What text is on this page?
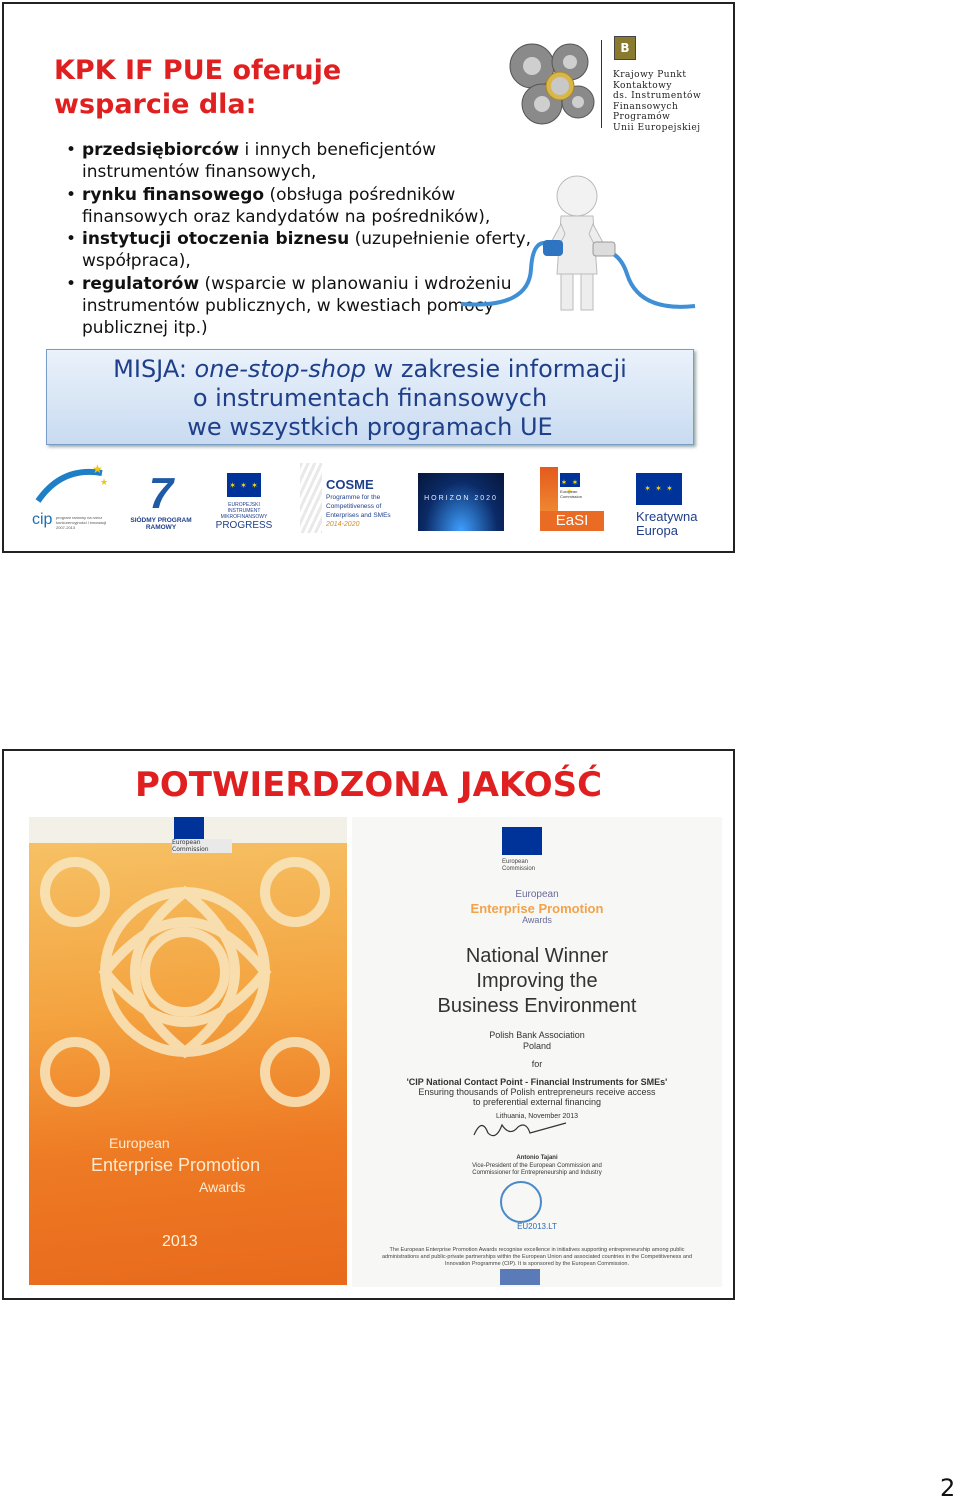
KPK IF PUE oferuje
wsparcie dla:
• przedsiębiorców i innych beneficjentów instrumentów finansowych,
• rynku finansowego (obsługa pośredników finansowych oraz kandydatów na pośredników),
• instytucji otoczenia biznesu (uzupełnienie oferty, współpraca),
• regulatorów (wsparcie w planowaniu i wdrożeniu instrumentów publicznych, w kwestiach pomocy publicznej itp.)
B
Krajowy Punkt
Kontaktowy
ds. Instrumentów
Finansowych
Programów
Unii Europejskiej
MISJA: one-stop-shop w zakresie informacji
o instrumentach finansowych
we wszystkich programach UE
★
★
cip program ramowy na rzecz konkurencyjności i innowacji 2007-2013
7
SIÓDMY PROGRAM
RAMOWY
✶ ✶ ✶
EUROPEJSKI
INSTRUMENT
MIKROFINANSOWY
PROGRESS
COSME
Programme for the
Competitiveness of
Enterprises and SMEs
2014-2020
HORIZON 2020
✶ ✶ ✶
European Commission
EaSI
✶ ✶ ✶	Kreatywna
Europa
POTWIERDZONA JAKOŚĆ
European Commission
European
Enterprise Promotion
Awards
2013
European Commission
European
Enterprise Promotion
Awards
National Winner
Improving the
Business Environment
Polish Bank Association
Poland
for
'CIP National Contact Point - Financial Instruments for SMEs'
Ensuring thousands of Polish entrepreneurs receive access
to preferential external financing
Lithuania, November 2013
Antonio Tajani
Vice-President of the European Commission and
Commissioner for Entrepreneurship and Industry
EU2013.LT
The European Enterprise Promotion Awards recognise excellence in initiatives supporting entrepreneurship among public administrations and public-private partnerships within the European Union and associated countries in the Competitiveness and Innovation Programme (CIP). It is sponsored by the European Commission.
2
